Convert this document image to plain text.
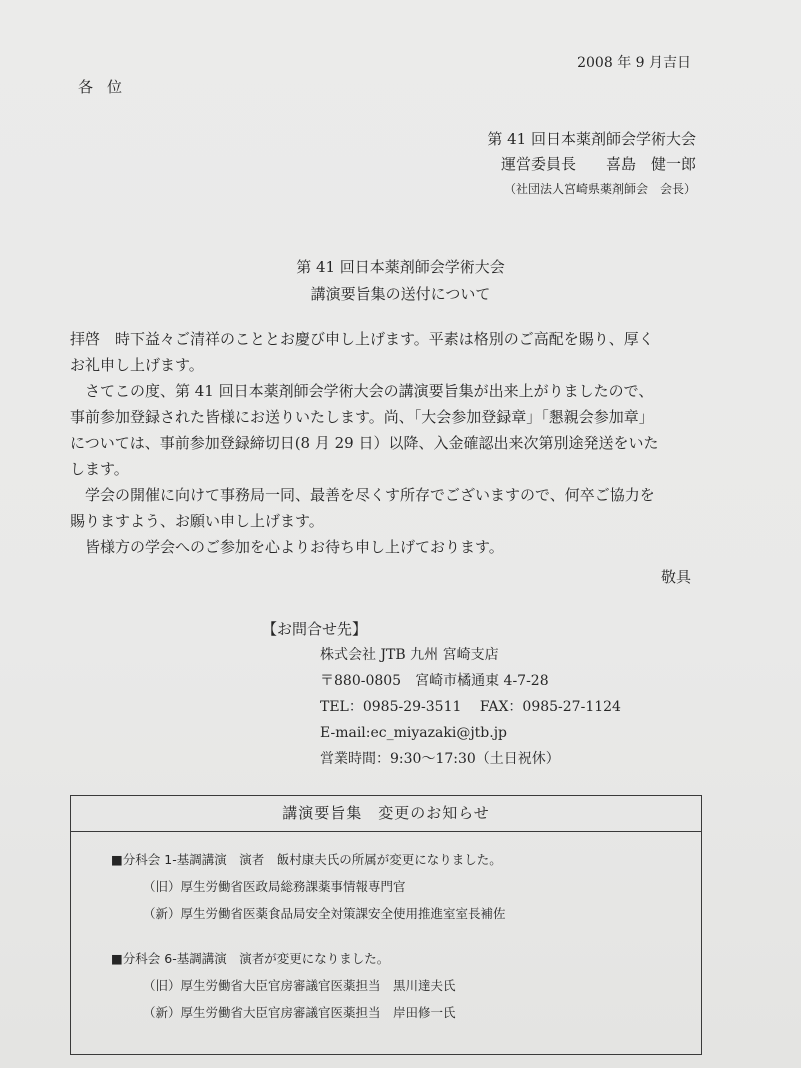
2008 年 9 月吉日
各位
第 41 回日本薬剤師会学術大会
運営委員長　　喜島　健一郎
（社団法人宮崎県薬剤師会　会長）
第 41 回日本薬剤師会学術大会
講演要旨集の送付について

拝啓　時下益々ご清祥のこととお慶び申し上げます。平素は格別のご高配を賜り、厚く

お礼申し上げます。

　さてこの度、第 41 回日本薬剤師会学術大会の講演要旨集が出来上がりましたので、

事前参加登録された皆様にお送りいたします。尚、「大会参加登録章」「懇親会参加章」

については、事前参加登録締切日(8 月 29 日）以降、入金確認出来次第別途発送をいた

します。

　学会の開催に向けて事務局一同、最善を尽くす所存でございますので、何卒ご協力を

賜りますよう、お願い申し上げます。

　皆様方の学会へのご参加を心よりお待ち申し上げております。

敬具
【お問合せ先】
株式会社 JTB 九州 宮崎支店
〒880-0805　宮崎市橘通東 4-7-28
TEL：0985-29-3511　 FAX：0985-27-1124
E-mail:ec_miyazaki@jtb.jp
営業時間：9:30～17:30（土日祝休）
講演要旨集　変更のお知らせ
■分科会 1-基調講演　演者　飯村康夫氏の所属が変更になりました。
（旧）厚生労働省医政局総務課薬事情報専門官
（新）厚生労働省医薬食品局安全対策課安全使用推進室室長補佐
■分科会 6-基調講演　演者が変更になりました。
（旧）厚生労働省大臣官房審議官医薬担当　黒川達夫氏
（新）厚生労働省大臣官房審議官医薬担当　岸田修一氏
